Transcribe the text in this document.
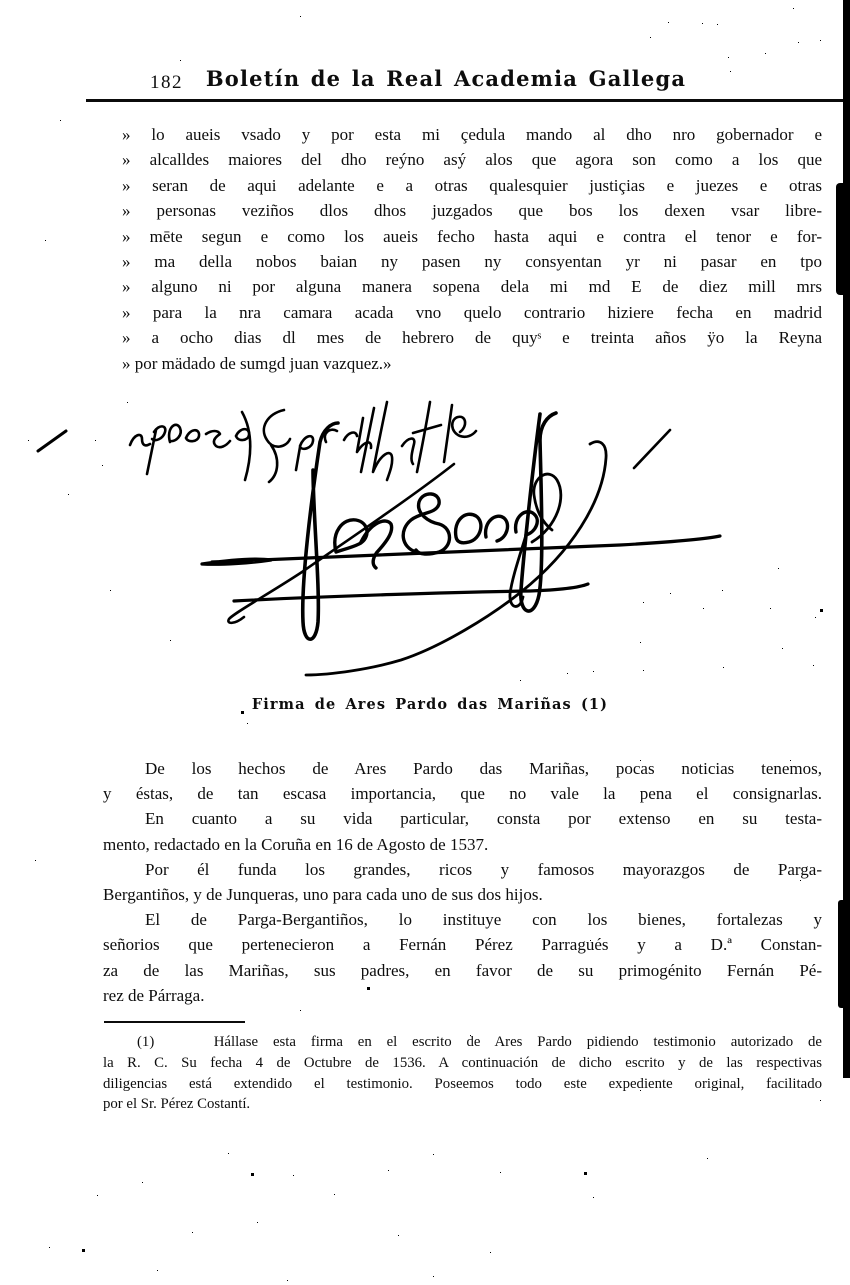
182	Boletín de la Real Academia Gallega
» lo aueis vsado y por esta mi çedula mando al dho nro gobernador e
» alcalldes maiores del dho reýno asý alos que agora son como a los que
» seran de aqui adelante e a otras qualesquier justiçias e juezes e otras
» personas veziños dlos dhos juzgados que bos los dexen vsar libre-
» mēte segun e como los aueis fecho hasta aqui e contra el tenor e for-
» ma della nobos baian ny pasen ny consyentan yr ni pasar en tpo
» alguno ni por alguna manera sopena dela mi md E de diez mill mrs
» para la nra camara acada vno quelo contrario hiziere fecha en madrid
» a ocho dias dl mes de hebrero de quyˢ e treinta años ÿo la Reyna
» por mädado de sumgd juan vazquez.»
Firma de Ares Pardo das Mariñas (1)
De los hechos de Ares Pardo das Mariñas, pocas noticias tenemos,
y éstas, de tan escasa importancia, que no vale la pena el consignarlas.
En cuanto a su vida particular, consta por extenso en su testa-
mento, redactado en la Coruña en 16 de Agosto de 1537.
Por él funda los grandes, ricos y famosos mayorazgos de Parga-
Bergantiños, y de Junqueras, uno para cada uno de sus dos hijos.
El de Parga-Bergantiños, lo instituye con los bienes, fortalezas y
señorios que pertenecieron a Fernán Pérez Parragués y a D.ª Constan-
za de las Mariñas, sus padres, en favor de su primogénito Fernán Pé-
rez de Párraga.
(1)    Hállase esta firma en el escrito de Ares Pardo pidiendo testimonio autorizado de
la R. C. Su fecha 4 de Octubre de 1536. A continuación de dicho escrito y de las respectivas
diligencias está extendido el testimonio. Poseemos todo este expediente original, facilitado
por el Sr. Pérez Costantí.
